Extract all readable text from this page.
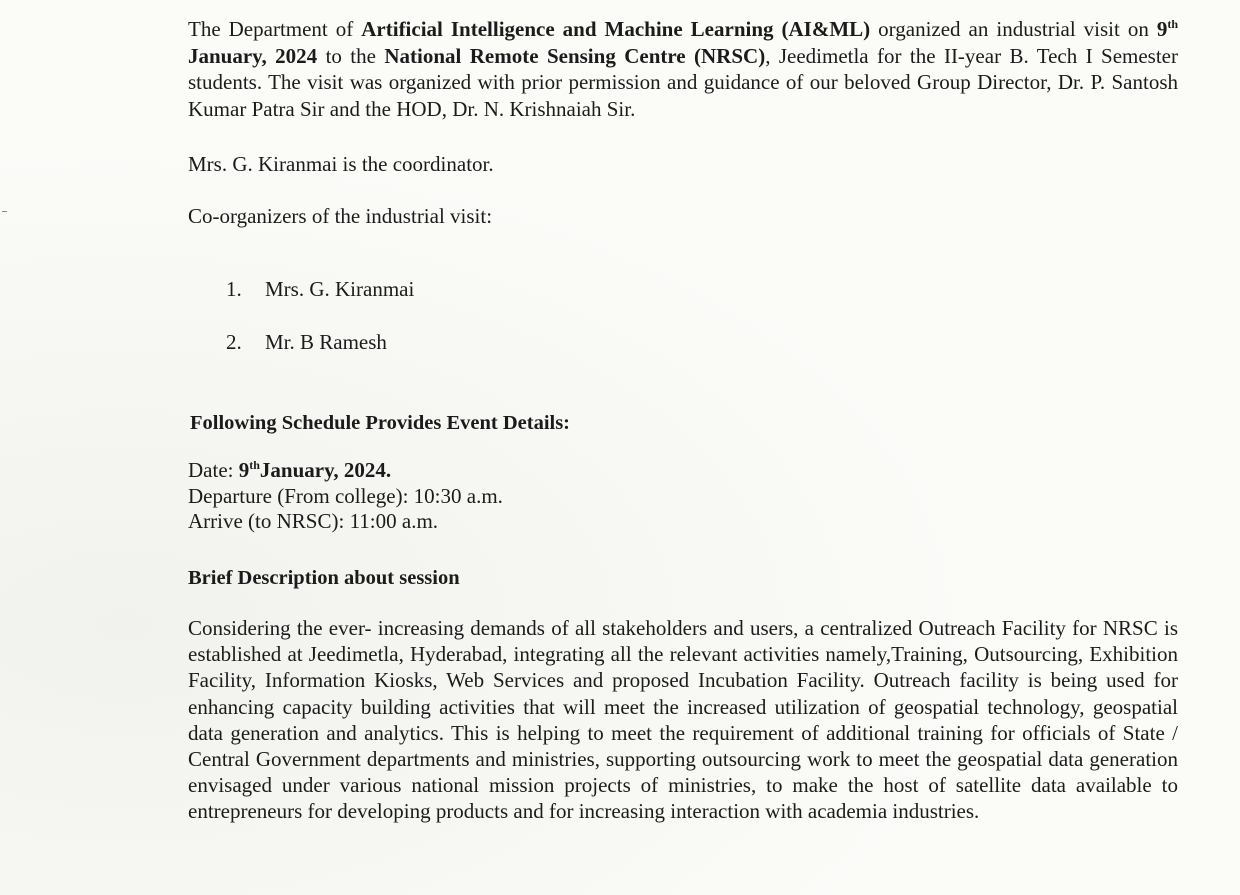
The Department of Artificial Intelligence and Machine Learning (AI&ML) organized an industrial visit on 9th January, 2024 to the National Remote Sensing Centre (NRSC), Jeedimetla for the II-year B. Tech I Semester students. The visit was organized with prior permission and guidance of our beloved Group Director, Dr. P. Santosh Kumar Patra Sir and the HOD, Dr. N. Krishnaiah Sir.

Mrs. G. Kiranmai is the coordinator.

Co-organizers of the industrial visit:

1. Mrs. G. Kiranmai
2. Mr. B Ramesh

Following Schedule Provides Event Details:

Date: 9thJanuary, 2024.
Departure (From college): 10:30 a.m.
Arrive (to NRSC): 11:00 a.m.

Brief Description about session

Considering the ever- increasing demands of all stakeholders and users, a centralized Outreach Facility for NRSC is established at Jeedimetla, Hyderabad, integrating all the relevant activities namely,Training, Outsourcing, Exhibition Facility, Information Kiosks, Web Services and proposed Incubation Facility. Outreach facility is being used for enhancing capacity building activities that will meet the increased utilization of geospatial technology, geospatial data generation and analytics. This is helping to meet the requirement of additional training for officials of State / Central Government departments and ministries, supporting outsourcing work to meet the geospatial data generation envisaged under various national mission projects of ministries, to make the host of satellite data available to entrepreneurs for developing products and for increasing interaction with academia industries.
